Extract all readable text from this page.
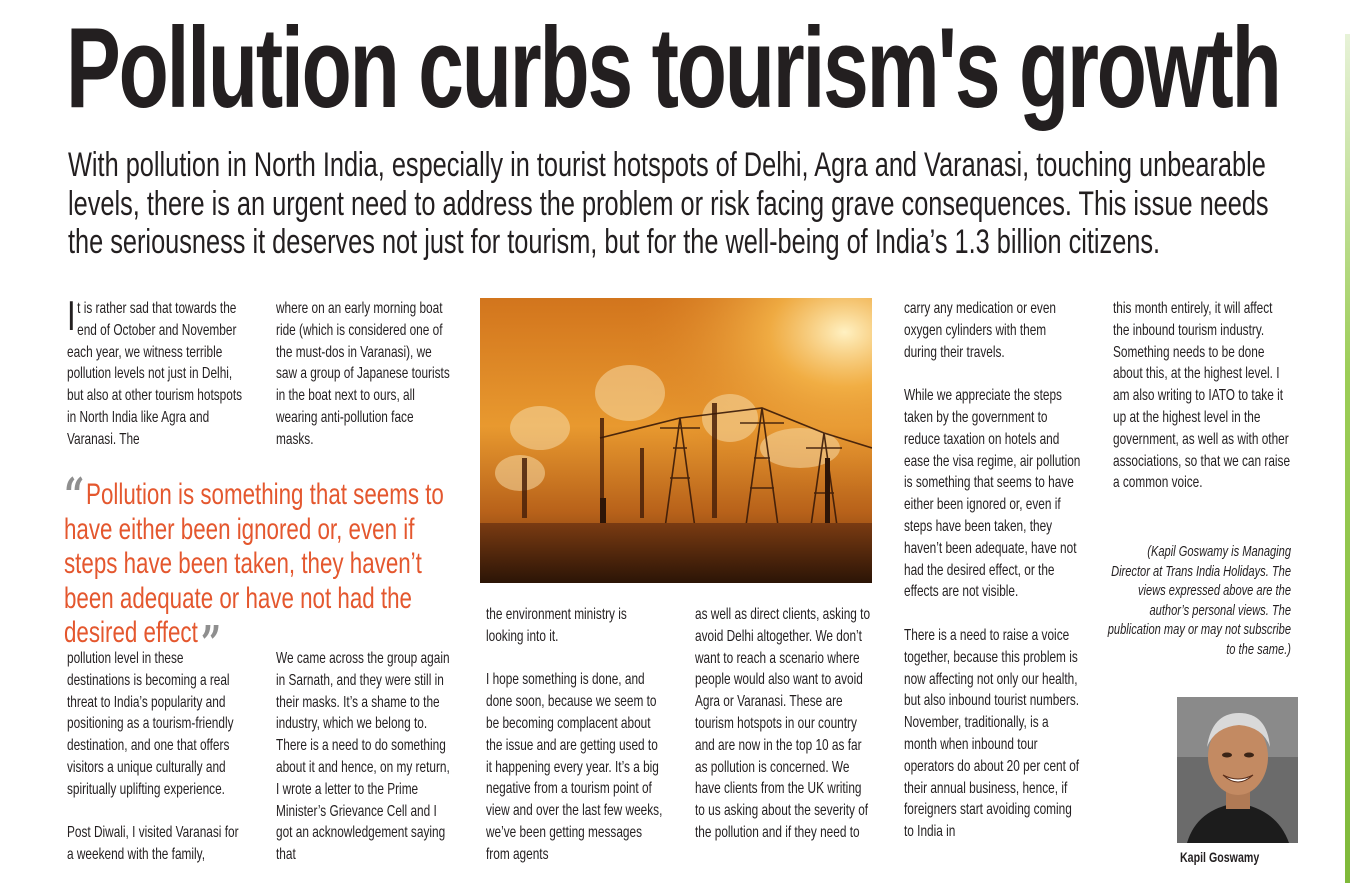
Pollution curbs tourism's growth

With pollution in North India, especially in tourist hotspots of Delhi, Agra and Varanasi, touching unbearable levels, there is an urgent need to address the problem or risk facing grave consequences. This issue needs the seriousness it deserves not just for tourism, but for the well-being of India’s 1.3 billion citizens.

It is rather sad that towards the end of October and November each year, we witness terrible pollution levels not just in Delhi, but also at other tourism hotspots in North India like Agra and Varanasi. The

where on an early morning boat ride (which is considered one of the must-dos in Varanasi), we saw a group of Japanese tourists in the boat next to ours, all wearing anti-pollution face masks.

“Pollution is something that seems to have either been ignored or, even if steps have been taken, they haven’t been adequate or have not had the desired effect”

pollution level in these destinations is becoming a real threat to India’s popularity and positioning as a tourism-friendly destination, and one that offers visitors a unique culturally and spiritually uplifting experience.

Post Diwali, I visited Varanasi for a weekend with the family,

We came across the group again in Sarnath, and they were still in their masks. It’s a shame to the industry, which we belong to. There is a need to do something about it and hence, on my return, I wrote a letter to the Prime Minister’s Grievance Cell and I got an acknowledgement saying that

the environment ministry is looking into it.

I hope something is done, and done soon, because we seem to be becoming complacent about the issue and are getting used to it happening every year. It’s a big negative from a tourism point of view and over the last few weeks, we’ve been getting messages from agents

as well as direct clients, asking to avoid Delhi altogether. We don’t want to reach a scenario where people would also want to avoid Agra or Varanasi. These are tourism hotspots in our country and are now in the top 10 as far as pollution is concerned. We have clients from the UK writing to us asking about the severity of the pollution and if they need to

carry any medication or even oxygen cylinders with them during their travels.

While we appreciate the steps taken by the government to reduce taxation on hotels and ease the visa regime, air pollution is something that seems to have either been ignored or, even if steps have been taken, they haven’t been adequate, have not had the desired effect, or the effects are not visible.

There is a need to raise a voice together, because this problem is now affecting not only our health, but also inbound tourist numbers. November, traditionally, is a month when inbound tour operators do about 20 per cent of their annual business, hence, if foreigners start avoiding coming to India in

this month entirely, it will affect the inbound tourism industry. Something needs to be done about this, at the highest level. I am also writing to IATO to take it up at the highest level in the government, as well as with other associations, so that we can raise a common voice.

(Kapil Goswamy is Managing Director at Trans India Holidays. The views expressed above are the author’s personal views. The publication may or may not subscribe to the same.)

Kapil Goswamy
